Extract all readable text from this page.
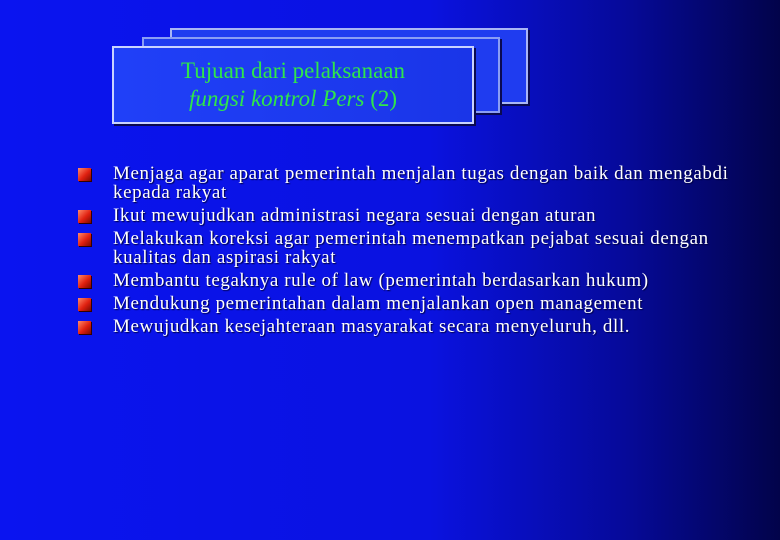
Tujuan dari pelaksanaan
fungsi kontrol Pers (2)
Menjaga agar aparat pemerintah menjalan tugas dengan baik dan mengabdi kepada rakyat
Ikut mewujudkan administrasi negara sesuai dengan aturan
Melakukan koreksi agar pemerintah menempatkan pejabat sesuai dengan kualitas dan aspirasi rakyat
Membantu tegaknya rule of law (pemerintah berdasarkan hukum)
Mendukung pemerintahan dalam menjalankan open management
Mewujudkan kesejahteraan masyarakat secara menyeluruh, dll.
